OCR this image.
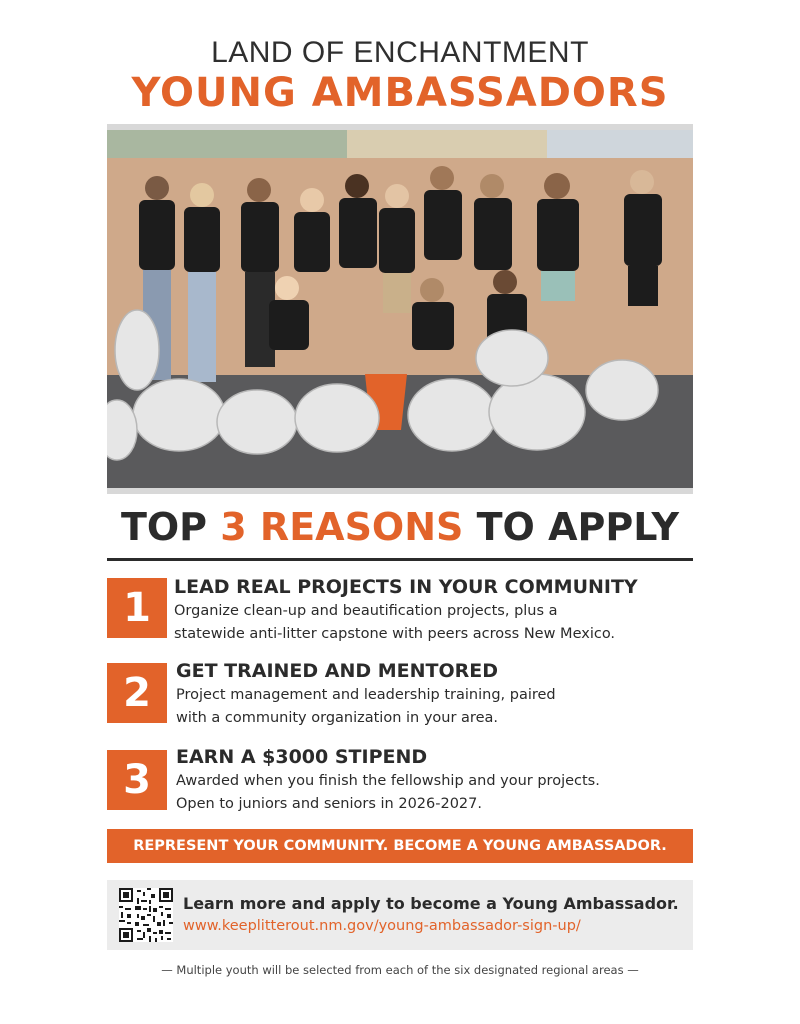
LAND OF ENCHANTMENT
YOUNG AMBASSADORS
TOP 3 REASONS TO APPLY
1	LEAD REAL PROJECTS IN YOUR COMMUNITY
Organize clean-up and beautification projects, plus a
statewide anti-litter capstone with peers across New Mexico.
2	GET TRAINED AND MENTORED
Project management and leadership training, paired
with a community organization in your area.
3	EARN A $3000 STIPEND
Awarded when you finish the fellowship and your projects.
Open to juniors and seniors in 2026-2027.
REPRESENT YOUR COMMUNITY. BECOME A YOUNG AMBASSADOR.
Learn more and apply to become a Young Ambassador.
www.keeplitterout.nm.gov/young-ambassador-sign-up/
— Multiple youth will be selected from each of the six designated regional areas —
